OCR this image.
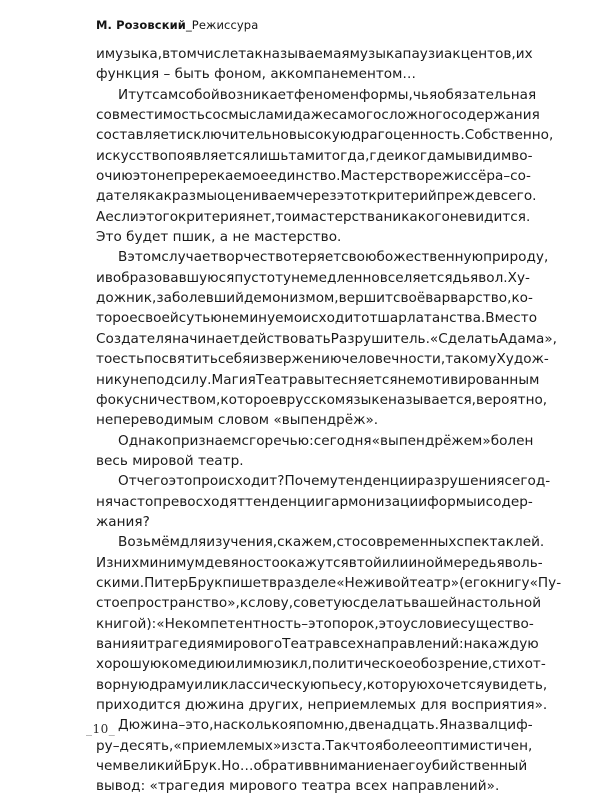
М. Розовский_Режиссура
и музыка, в том числе так называемая музыка пауз и акцентов, их
функция – быть фоном, аккомпанементом…
И тут сам собой возникает феномен формы, чья обязательная
совместимость со смыслами даже самого сложного содержания
составляет исключительно высокую драгоценность. Собственно,
искусство появляется лишь там и тогда, где и когда мы видим во-
очию это непререкаемое единство. Мастерство режиссёра – со-
дателя как раз мы оцениваем через этот критерий прежде всего.
А если этого критерия нет, то и мастерства никакого не видится.
Это будет пшик, а не мастерство.
В этом случае творчество теряет свою божественную природу,
и в образовавшуюся пустоту немедленно вселяется дьявол. Ху-
дожник, заболевший демонизмом, вершит своё варварство, ко-
торое своей сутью неминуемо исходит от шарлатанства. Вместо
Создателя начинает действовать Разрушитель. «Сделать Адама»,
то есть посвятить себя извержению человечности, такому Худож-
нику не под силу. Магия Театра вытесняется немотивированным
фокусничеством, которое в русском языке называется, вероятно,
непереводимым словом «выпендрёж».
Однако признаем с горечью: сегодня «выпендрёжем» болен
весь мировой театр.
Отчего это происходит? Почему тенденции разрушения сегод-
ня часто превосходят тенденции гармонизации формы и содер-
жания?
Возьмём для изучения, скажем, сто современных спектаклей.
Из них минимум девяносто окажутся в той или иной мере дьяволь-
скими. Питер Брук пишет в разделе «Неживой театр» (его книгу «Пу-
стое пространство», к слову, советую сделать вашей настольной
книгой): «Некомпетентность – это порок, это условие существо-
вания и трагедия мирового Театра всех направлений: на каждую
хорошую комедию или мюзикл, политическое обозрение, стихот-
ворную драму или классическую пьесу, которую хочется увидеть,
приходится дюжина других, неприемлемых для восприятия».
Дюжина – это, насколько я помню, двенадцать. Я назвал циф-
ру – десять, «приемлемых» из ста. Так что я более оптимистичен,
чем великий Брук. Но… обратив внимание на его убийственный
вывод: «трагедия мирового театра всех направлений».
_10_
